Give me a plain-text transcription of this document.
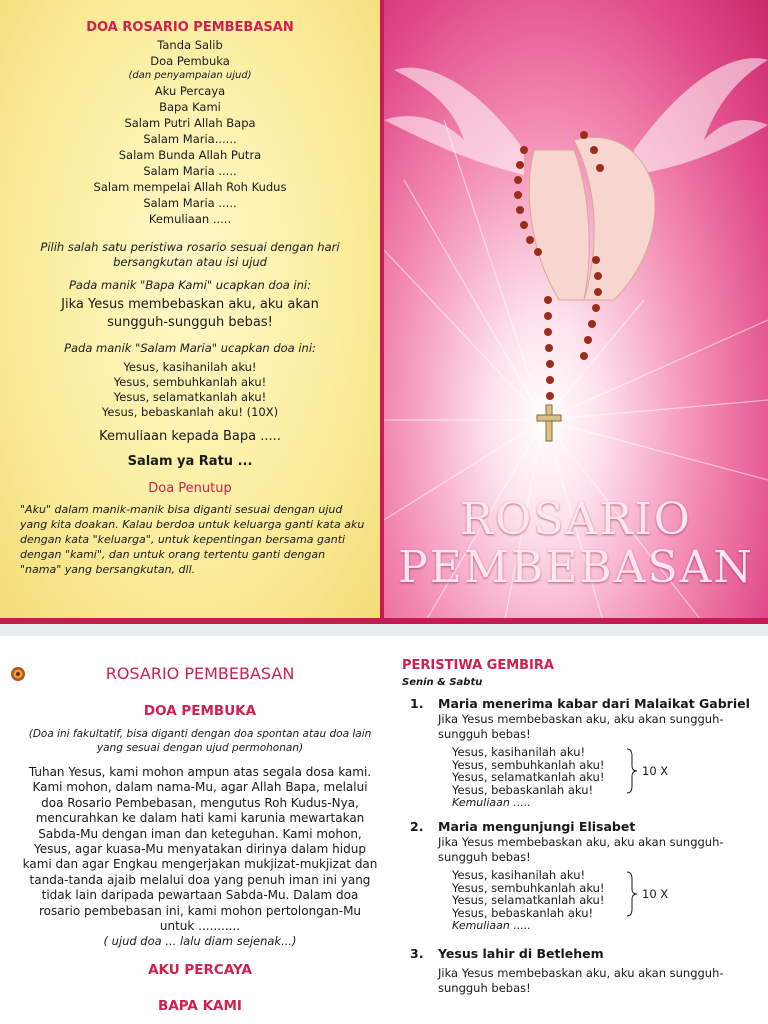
DOA ROSARIO PEMBEBASAN
Tanda Salib
Doa Pembuka
(dan penyampaian ujud)
Aku Percaya
Bapa Kami
Salam Putri Allah Bapa
Salam Maria......
Salam Bunda Allah Putra
Salam Maria .....
Salam mempelai Allah Roh Kudus
Salam Maria .....
Kemuliaan .....
Pilih salah satu peristiwa rosario sesuai dengan hari
bersangkutan atau isi ujud
Pada manik "Bapa Kami" ucapkan doa ini:
Jika Yesus membebaskan aku, aku akan
sungguh-sungguh bebas!
Pada manik "Salam Maria" ucapkan doa ini:
Yesus, kasihanilah aku!
Yesus, sembuhkanlah aku!
Yesus, selamatkanlah aku!
Yesus, bebaskanlah aku! (10X)
Kemuliaan kepada Bapa .....
Salam ya Ratu ...
Doa Penutup
"Aku" dalam manik-manik bisa diganti sesuai dengan ujud yang kita doakan. Kalau berdoa untuk keluarga ganti kata aku dengan kata "keluarga", untuk kepentingan bersama ganti dengan "kami", dan untuk orang tertentu ganti dengan "nama" yang bersangkutan, dll.
ROSARIO
PEMBEBASAN
ROSARIO PEMBEBASAN
DOA PEMBUKA
(Doa ini fakultatif, bisa diganti dengan doa spontan atau doa lain yang sesuai dengan ujud permohonan)
Tuhan Yesus, kami mohon ampun atas segala dosa kami. Kami mohon, dalam nama-Mu, agar Allah Bapa, melalui doa Rosario Pembebasan, mengutus Roh Kudus-Nya, mencurahkan ke dalam hati kami karunia mewartakan Sabda-Mu dengan iman dan keteguhan. Kami mohon, Yesus, agar kuasa-Mu menyatakan dirinya dalam hidup kami dan agar Engkau mengerjakan mukjizat-mukjizat dan tanda-tanda ajaib melalui doa yang penuh iman ini yang tidak lain daripada pewartaan Sabda-Mu. Dalam doa rosario pembebasan ini, kami mohon pertolongan-Mu untuk ...........
( ujud doa ... lalu diam sejenak...)
AKU PERCAYA
BAPA KAMI
PERISTIWA GEMBIRA
Senin & Sabtu
1. Maria menerima kabar dari Malaikat Gabriel
Jika Yesus membebaskan aku, aku akan sungguh-sungguh bebas!
Yesus, kasihanilah aku!
Yesus, sembuhkanlah aku!
Yesus, selamatkanlah aku!
Yesus, bebaskanlah aku!
10 X
Kemuliaan .....
2. Maria mengunjungi Elisabet
Jika Yesus membebaskan aku, aku akan sungguh-sungguh bebas!
Yesus, kasihanilah aku!
Yesus, sembuhkanlah aku!
Yesus, selamatkanlah aku!
Yesus, bebaskanlah aku!
10 X
Kemuliaan .....
3. Yesus lahir di Betlehem
Jika Yesus membebaskan aku, aku akan sungguh-sungguh bebas!
